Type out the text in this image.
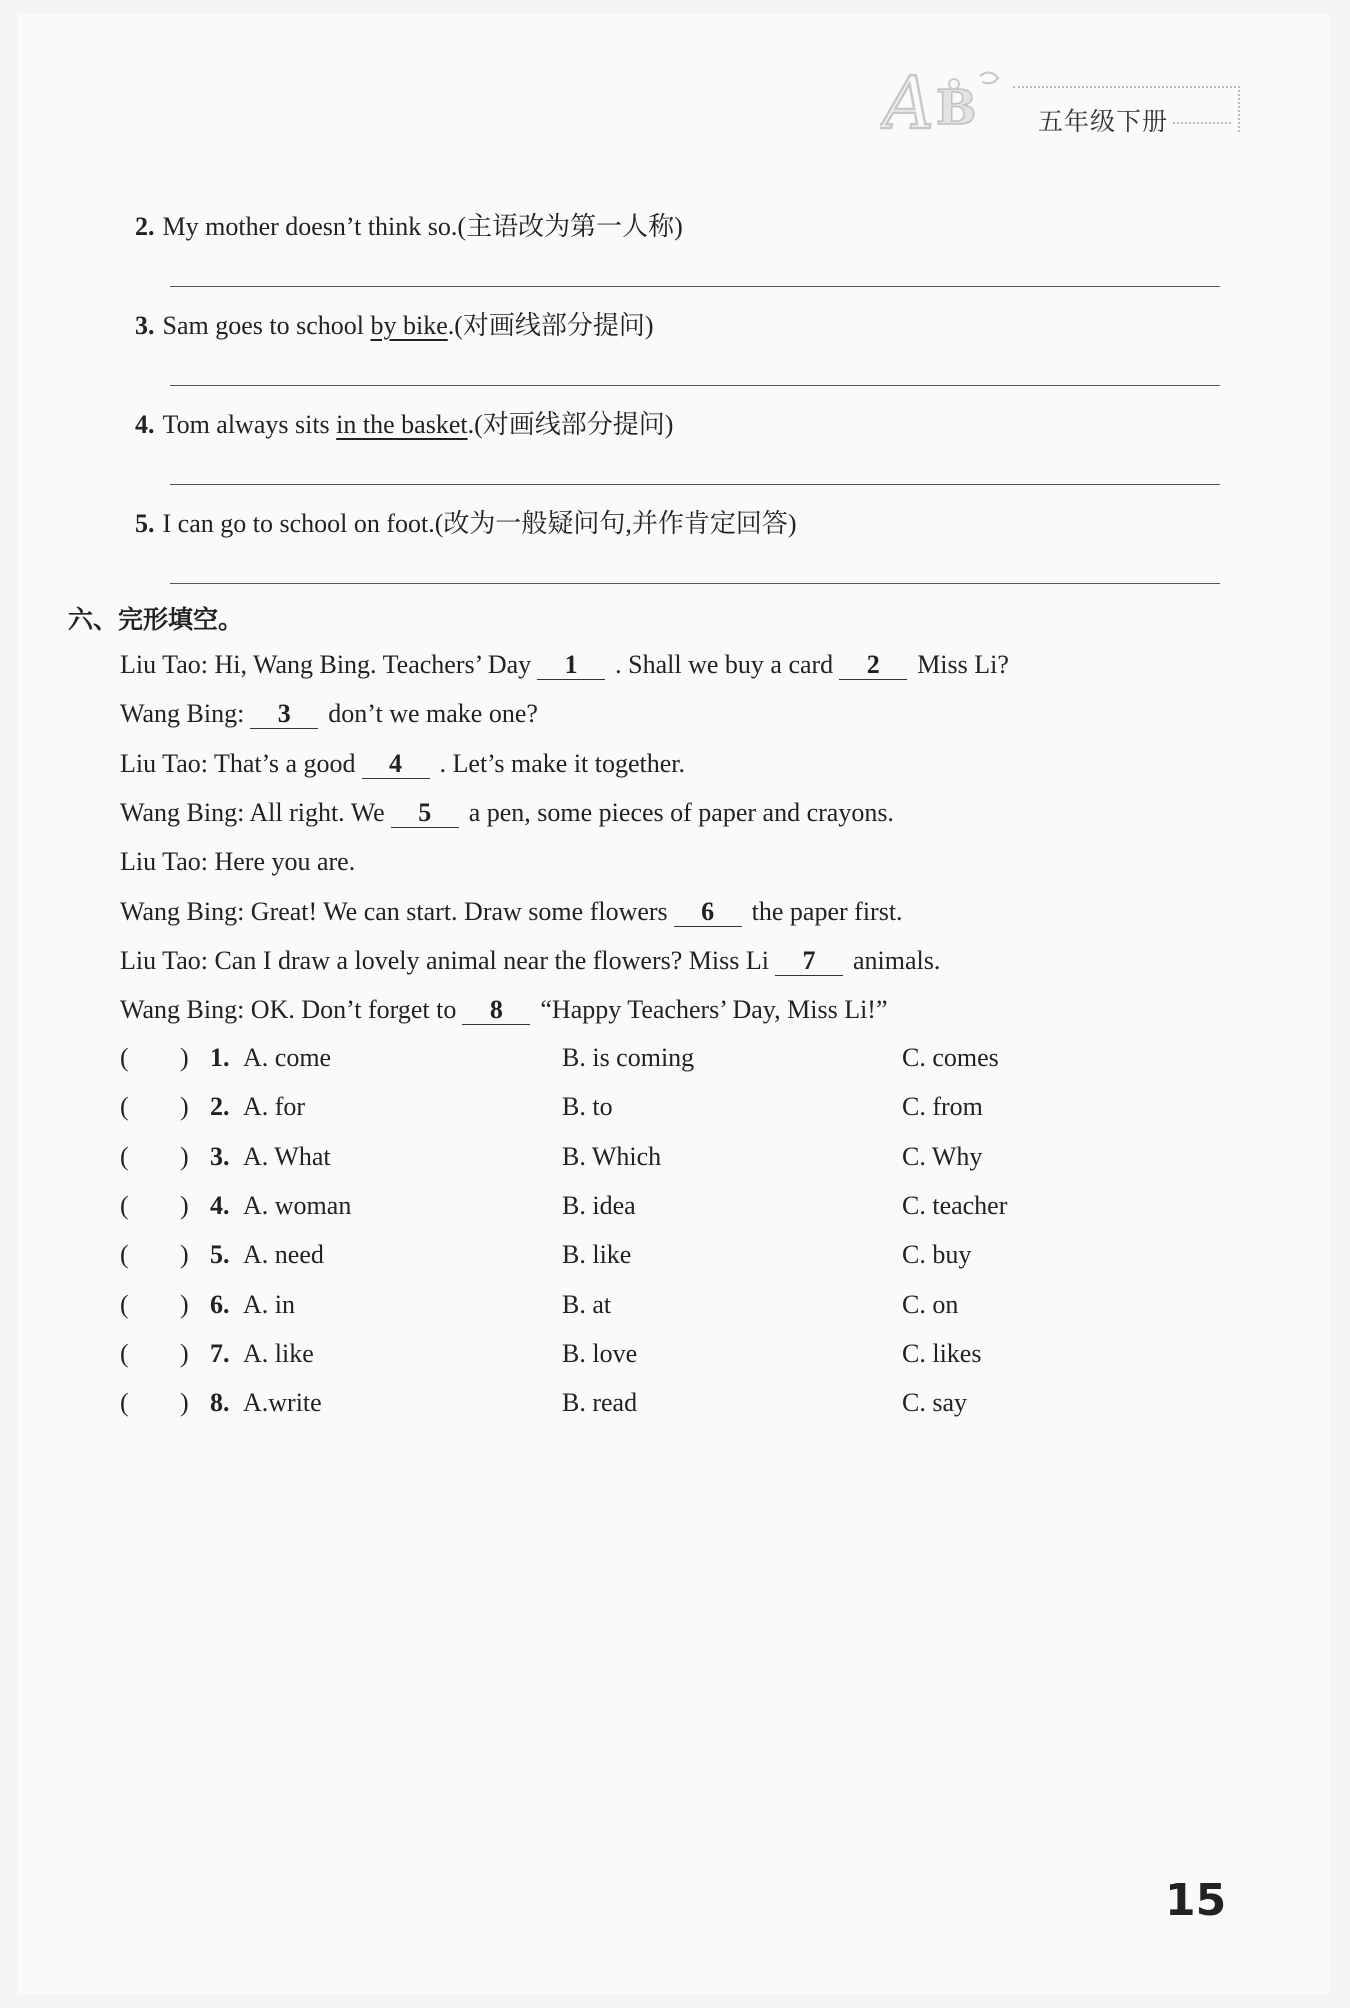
A B 五年级下册
2. My mother doesn’t think so.(主语改为第一人称)
3. Sam goes to school by bike.(对画线部分提问)
4. Tom always sits in the basket.(对画线部分提问)
5. I can go to school on foot.(改为一般疑问句,并作肯定回答)
六、完形填空。
Liu Tao: Hi, Wang Bing. Teachers’ Day 1 . Shall we buy a card 2 Miss Li?
Wang Bing: 3 don’t we make one?
Liu Tao: That’s a good 4 . Let’s make it together.
Wang Bing: All right. We 5 a pen, some pieces of paper and crayons.
Liu Tao: Here you are.
Wang Bing: Great! We can start. Draw some flowers 6 the paper first.
Liu Tao: Can I draw a lovely animal near the flowers? Miss Li 7 animals.
Wang Bing: OK. Don’t forget to 8 “Happy Teachers’ Day, Miss Li!”
( ) 1. A. come	B. is coming	C. comes
( ) 2. A. for	B. to	C. from
( ) 3. A. What	B. Which	C. Why
( ) 4. A. woman	B. idea	C. teacher
( ) 5. A. need	B. like	C. buy
( ) 6. A. in	B. at	C. on
( ) 7. A. like	B. love	C. likes
( ) 8. A.write	B. read	C. say
15
